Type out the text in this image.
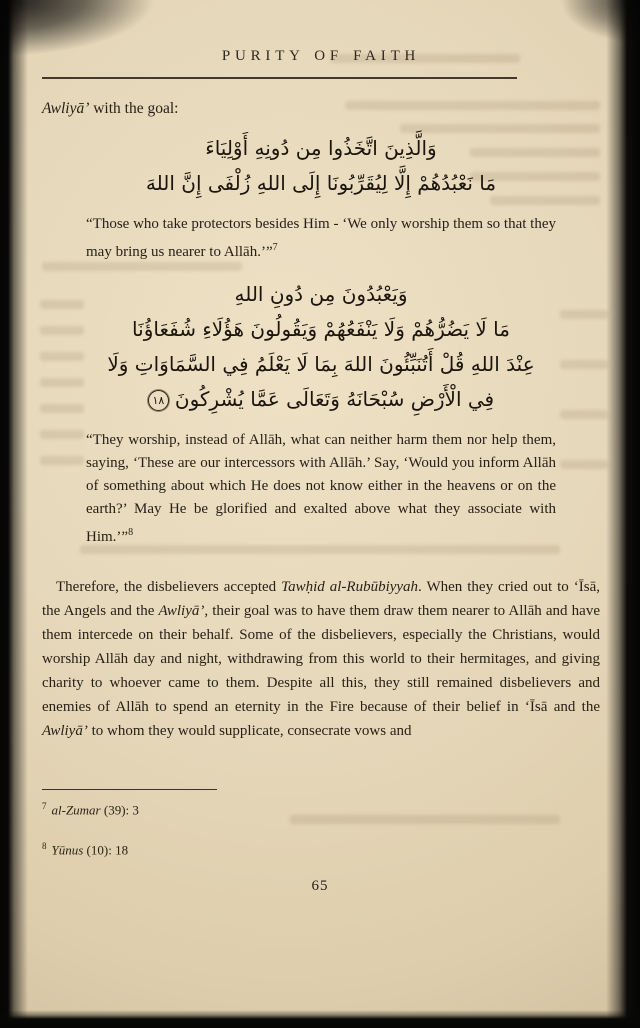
PURITY OF FAITH

Awliyā’ with the goal:

وَالَّذِينَ اتَّخَذُوا مِن دُونِهِ أَوْلِيَاءَ
مَا نَعْبُدُهُمْ إِلَّا لِيُقَرِّبُونَا إِلَى اللهِ زُلْفَى إِنَّ اللهَ
“Those who take protectors besides Him - ‘We only worship them so that they may bring us nearer to Allāh.’”$^7$
وَيَعْبُدُونَ مِن دُونِ اللهِ
مَا لَا يَضُرُّهُمْ وَلَا يَنْفَعُهُمْ وَيَقُولُونَ هَؤُلَاءِ شُفَعَاؤُنَا
عِنْدَ اللهِ قُلْ أَتُنَبِّئُونَ اللهَ بِمَا لَا يَعْلَمُ فِي السَّمَاوَاتِ وَلَا
فِي الْأَرْضِ سُبْحَانَهُ وَتَعَالَى عَمَّا يُشْرِكُونَ١٨
“They worship, instead of Allāh, what can neither harm them nor help them, saying, ‘These are our intercessors with Allāh.’ Say, ‘Would you inform Allāh of something about which He does not know either in the heavens or on the earth?’ May He be glorified and exalted above what they associate with Him.’”$^8$

Therefore, the disbelievers accepted Tawḥid al-Rubūbiyyah. When they cried out to ‘Īsā, the Angels and the Awliyā’, their goal was to have them draw them nearer to Allāh and have them intercede on their behalf. Some of the disbelievers, especially the Christians, would worship Allāh day and night, withdrawing from this world to their hermitages, and giving charity to whoever came to them. Despite all this, they still remained disbelievers and enemies of Allāh to spend an eternity in the Fire because of their belief in ‘Īsā and the Awliyā’ to whom they would supplicate, consecrate vows and

$^7$ al-Zumar (39): 3
$^8$ Yūnus (10): 18
65
